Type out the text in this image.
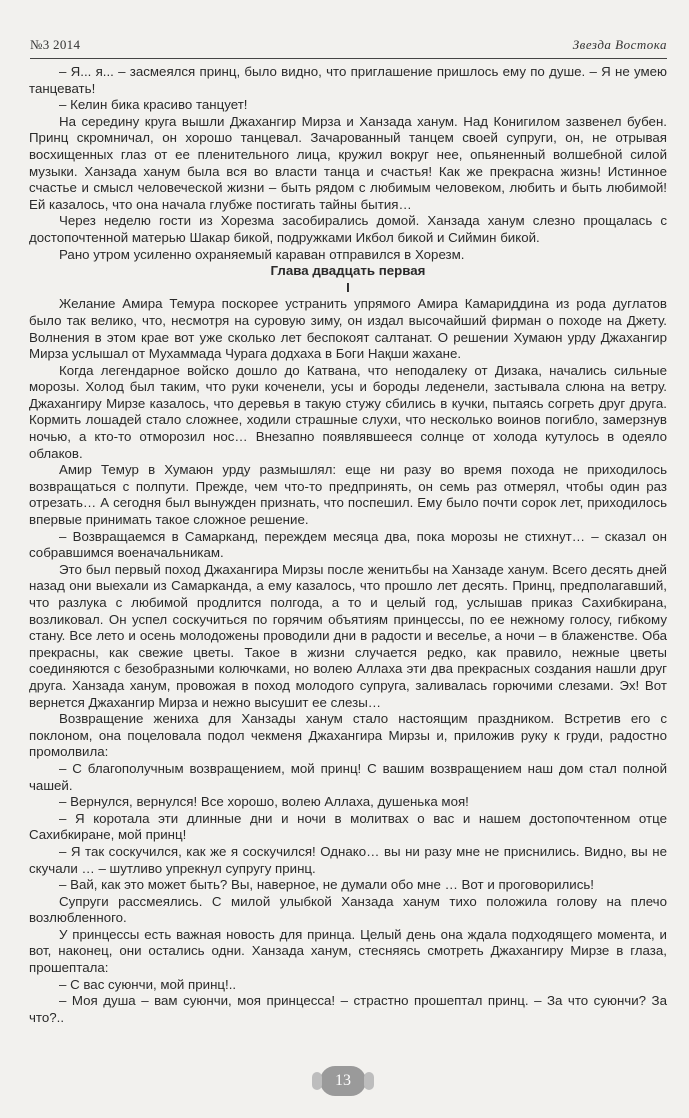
№3 2014	Звезда Востока

– Я... я... – засмеялся принц, было видно, что приглашение пришлось ему по душе. – Я не умею танцевать!

– Келин бика красиво танцует!

На середину круга вышли Джахангир Мирза и Ханзада ханум. Над Конигилом зазвенел бубен. Принц скромничал, он хорошо танцевал. Зачарованный танцем своей супруги, он, не отрывая восхищенных глаз от ее пленительного лица, кружил вокруг нее, опьяненный волшебной силой музыки. Ханзада ханум была вся во власти танца и счастья! Как же прекрасна жизнь! Истинное счастье и смысл человеческой жизни – быть рядом с любимым человеком, любить и быть любимой! Ей казалось, что она начала глубже постигать тайны бытия…

Через неделю гости из Хорезма засобирались домой. Ханзада ханум слезно прощалась с достопочтенной матерью Шакар бикой, подружками Икбол бикой и Сиймин бикой.

Рано утром усиленно охраняемый караван отправился в Хорезм.

Глава двадцать первая

I

Желание Амира Темура поскорее устранить упрямого Амира Камариддина из рода дуглатов было так велико, что, несмотря на суровую зиму, он издал высочайший фирман о походе на Джету. Волнения в этом крае вот уже сколько лет беспокоят салтанат. О решении Хумаюн урду Джахангир Мирза услышал от Мухаммада Чурага додхаха в Боги Нақши жахане.

Когда легендарное войско дошло до Катвана, что неподалеку от Дизака, начались сильные морозы. Холод был таким, что руки коченели, усы и бороды леденели, застывала слюна на ветру. Джахангиру Мирзе казалось, что деревья в такую стужу сбились в кучки, пытаясь согреть друг друга. Кормить лошадей стало сложнее, ходили страшные слухи, что несколько воинов погибло, замерзнув ночью, а кто-то отморозил нос… Внезапно появлявшееся солнце от холода кутулось в одеяло облаков.

Амир Темур в Хумаюн урду размышлял: еще ни разу во время похода не приходилось возвращаться с полпути. Прежде, чем что-то предпринять, он семь раз отмерял, чтобы один раз отрезать… А сегодня был вынужден признать, что поспешил. Ему было почти сорок лет, приходилось впервые принимать такое сложное решение.

– Возвращаемся в Самарканд, переждем месяца два, пока морозы не стихнут… – сказал он собравшимся военачальникам.

Это был первый поход Джахангира Мирзы после женитьбы на Ханзаде ханум. Всего десять дней назад они выехали из Самарканда, а ему казалось, что прошло лет десять. Принц, предполагавший, что разлука с любимой продлится полгода, а то и целый год, услышав приказ Сахибкирана, возликовал. Он успел соскучиться по горячим объятиям принцессы, по ее нежному голосу, гибкому стану. Все лето и осень молодожены проводили дни в радости и веселье, а ночи – в блаженстве. Оба прекрасны, как свежие цветы. Такое в жизни случается редко, как правило, нежные цветы соединяются с безобразными колючками, но волею Аллаха эти два прекрасных создания нашли друг друга. Ханзада ханум, провожая в поход молодого супруга, заливалась горючими слезами. Эх! Вот вернется Джахангир Мирза и нежно высушит ее слезы…

Возвращение жениха для Ханзады ханум стало настоящим праздником. Встретив его с поклоном, она поцеловала подол чекменя Джахангира Мирзы и, приложив руку к груди, радостно промолвила:

– С благополучным возвращением, мой принц! С вашим возвращением наш дом стал полной чашей.

– Вернулся, вернулся! Все хорошо, волею Аллаха, душенька моя!

– Я коротала эти длинные дни и ночи в молитвах о вас и нашем достопочтенном отце Сахибкиране, мой принц!

– Я так соскучился, как же я соскучился! Однако… вы ни разу мне не приснились. Видно, вы не скучали … – шутливо упрекнул супругу принц.

– Вай, как это может быть? Вы, наверное, не думали обо мне … Вот и проговорились!

Супруги рассмеялись. С милой улыбкой Ханзада ханум тихо положила голову на плечо возлюбленного.

У принцессы есть важная новость для принца. Целый день она ждала подходящего момента, и вот, наконец, они остались одни. Ханзада ханум, стесняясь смотреть Джахангиру Мирзе в глаза, прошептала:

– С вас суюнчи, мой принц!..

– Моя душа – вам суюнчи, моя принцесса! – страстно прошептал принц. – За что суюнчи? За что?..

13
